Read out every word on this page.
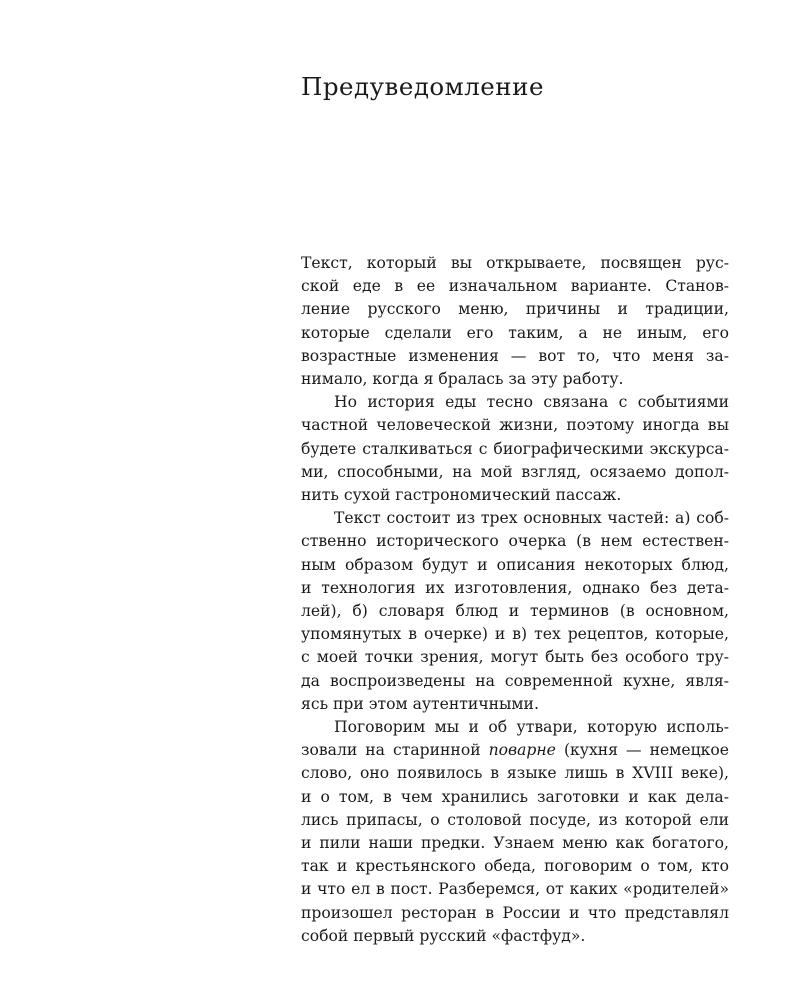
Предуведомление
Текст, который вы открываете, посвящен рус-
ской еде в ее изначальном варианте. Станов-
ление русского меню, причины и традиции,
которые сделали его таким, а не иным, его
возрастные изменения — вот то, что меня за-
нимало, когда я бралась за эту работу.
Но история еды тесно связана с событиями
частной человеческой жизни, поэтому иногда вы
будете сталкиваться с биографическими экскурса-
ми, способными, на мой взгляд, осязаемо допол-
нить сухой гастрономический пассаж.
Текст состоит из трех основных частей: а) соб-
ственно исторического очерка (в нем естествен-
ным образом будут и описания некоторых блюд,
и технология их изготовления, однако без дета-
лей), б) словаря блюд и терминов (в основном,
упомянутых в очерке) и в) тех рецептов, которые,
с моей точки зрения, могут быть без особого тру-
да воспроизведены на современной кухне, явля-
ясь при этом аутентичными.
Поговорим мы и об утвари, которую исполь-
зовали на старинной поварне (кухня — немецкое
слово, оно появилось в языке лишь в XVIII веке),
и о том, в чем хранились заготовки и как дела-
лись припасы, о столовой посуде, из которой ели
и пили наши предки. Узнаем меню как богатого,
так и крестьянского обеда, поговорим о том, кто
и что ел в пост. Разберемся, от каких «родителей»
произошел ресторан в России и что представлял
собой первый русский «фастфуд».
